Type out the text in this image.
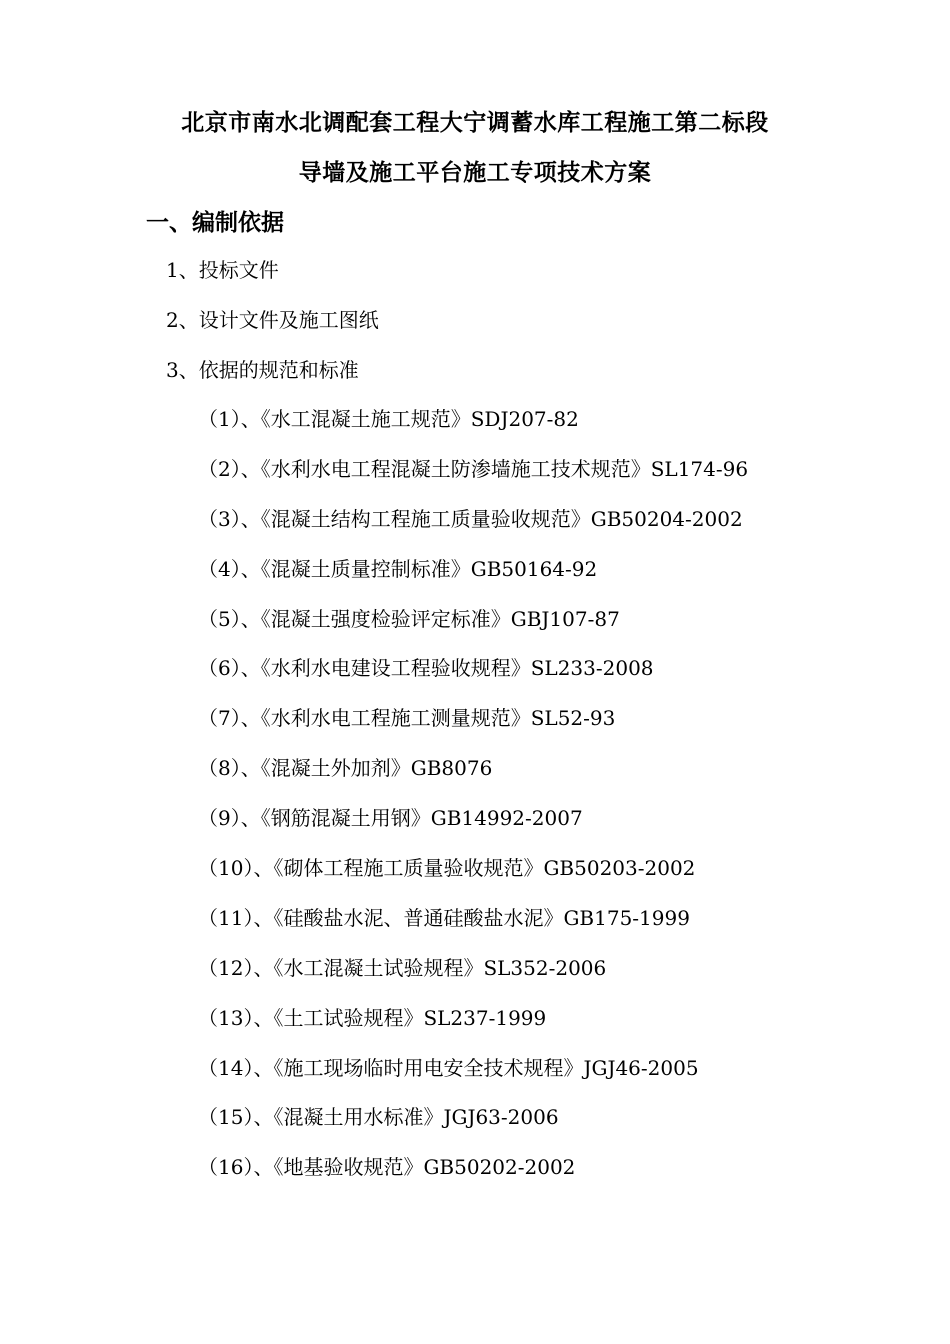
北京市南水北调配套工程大宁调蓄水库工程施工第二标段
导墙及施工平台施工专项技术方案
一、编制依据
1、投标文件
2、设计文件及施工图纸
3、依据的规范和标准
（1）、《水工混凝土施工规范》SDJ207-82
（2）、《水利水电工程混凝土防渗墙施工技术规范》SL174-96
（3）、《混凝土结构工程施工质量验收规范》GB50204-2002
（4）、《混凝土质量控制标准》GB50164-92
（5）、《混凝土强度检验评定标准》GBJ107-87
（6）、《水利水电建设工程验收规程》SL233-2008
（7）、《水利水电工程施工测量规范》SL52-93
（8）、《混凝土外加剂》GB8076
（9）、《钢筋混凝土用钢》GB14992-2007
（10）、《砌体工程施工质量验收规范》GB50203-2002
（11）、《硅酸盐水泥、普通硅酸盐水泥》GB175-1999
（12）、《水工混凝土试验规程》SL352-2006
（13）、《土工试验规程》SL237-1999
（14）、《施工现场临时用电安全技术规程》JGJ46-2005
（15）、《混凝土用水标准》JGJ63-2006
（16）、《地基验收规范》GB50202-2002
